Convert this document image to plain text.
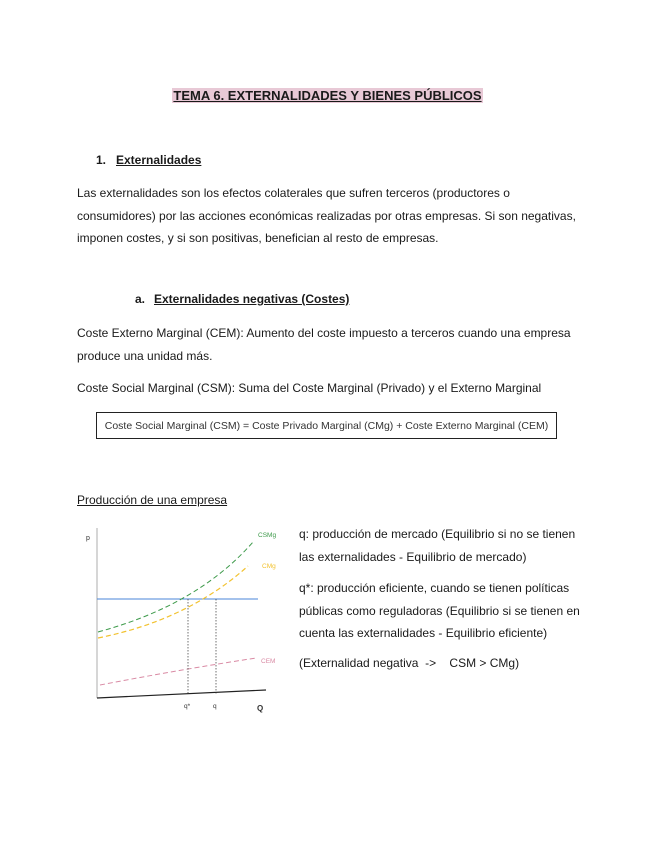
TEMA 6. EXTERNALIDADES Y BIENES PÚBLICOS
1. Externalidades
Las externalidades son los efectos colaterales que sufren terceros (productores o consumidores) por las acciones económicas realizadas por otras empresas. Si son negativas, imponen costes, y si son positivas, benefician al resto de empresas.
a. Externalidades negativas (Costes)
Coste Externo Marginal (CEM): Aumento del coste impuesto a terceros cuando una empresa produce una unidad más.
Coste Social Marginal (CSM): Suma del Coste Marginal (Privado) y el Externo Marginal
Coste Social Marginal (CSM) = Coste Privado Marginal (CMg) + Coste Externo Marginal (CEM)
Producción de una empresa
p
Q
CSMg
CMg
CEM
q*	q
q: producción de mercado (Equilibrio si no se tienen las externalidades - Equilibrio de mercado)
q*: producción eficiente, cuando se tienen políticas públicas como reguladoras (Equilibrio si se tienen en cuenta las externalidades - Equilibrio eficiente)
(Externalidad negativa  ->    CSM > CMg)
